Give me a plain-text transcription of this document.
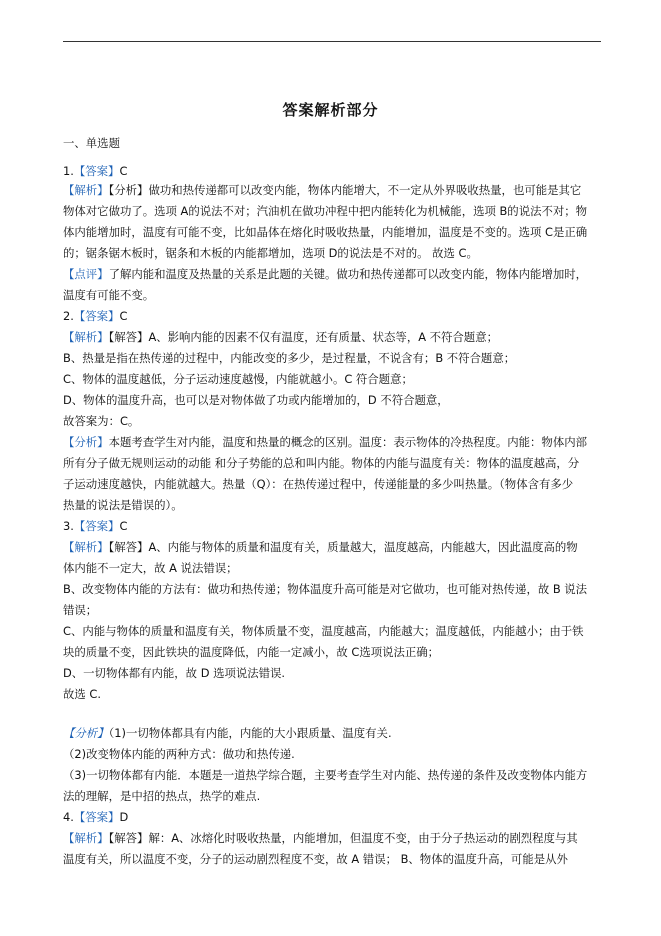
答案解析部分
一、单选题
1.【答案】C
【解析】【分析】做功和热传递都可以改变内能，物体内能增大，不一定从外界吸收热量，也可能是其它
物体对它做功了。选项 A的说法不对；汽油机在做功冲程中把内能转化为机械能，选项 B的说法不对；物
体内能增加时，温度有可能不变，比如晶体在熔化时吸收热量，内能增加，温度是不变的。选项 C是正确
的；锯条锯木板时，锯条和木板的内能都增加，选项 D的说法是不对的。 故选 C。
【点评】了解内能和温度及热量的关系是此题的关键。做功和热传递都可以改变内能，物体内能增加时，
温度有可能不变。
2.【答案】C
【解析】【解答】A、影响内能的因素不仅有温度，还有质量、状态等，A 不符合题意；
B、热量是指在热传递的过程中，内能改变的多少，是过程量，不说含有；B 不符合题意；
C、物体的温度越低，分子运动速度越慢，内能就越小。C 符合题意；
D、物体的温度升高，也可以是对物体做了功或内能增加的，D 不符合题意，
故答案为：C。
【分析】本题考查学生对内能，温度和热量的概念的区别。温度：表示物体的冷热程度。内能：物体内部
所有分子做无规则运动的动能 和分子势能的总和叫内能。物体的内能与温度有关：物体的温度越高，分
子运动速度越快，内能就越大。热量（Q）：在热传递过程中，传递能量的多少叫热量。（物体含有多少
热量的说法是错误的）。
3.【答案】C
【解析】【解答】A、内能与物体的质量和温度有关，质量越大，温度越高，内能越大，因此温度高的物
体内能不一定大，故 A 说法错误；
B、改变物体内能的方法有：做功和热传递；物体温度升高可能是对它做功，也可能对热传递，故 B 说法
错误；
C、内能与物体的质量和温度有关，物体质量不变，温度越高，内能越大；温度越低，内能越小；由于铁
块的质量不变，因此铁块的温度降低，内能一定减小，故 C选项说法正确；
D、一切物体都有内能，故 D 选项说法错误.
故选 C.
【分析】（1)一切物体都具有内能，内能的大小跟质量、温度有关.
（2)改变物体内能的两种方式：做功和热传递.
（3)一切物体都有内能．本题是一道热学综合题，主要考查学生对内能、热传递的条件及改变物体内能方
法的理解，是中招的热点，热学的难点.
4.【答案】D
【解析】【解答】解：A、冰熔化时吸收热量，内能增加，但温度不变，由于分子热运动的剧烈程度与其
温度有关，所以温度不变，分子的运动剧烈程度不变，故 A 错误； B、物体的温度升高，可能是从外
